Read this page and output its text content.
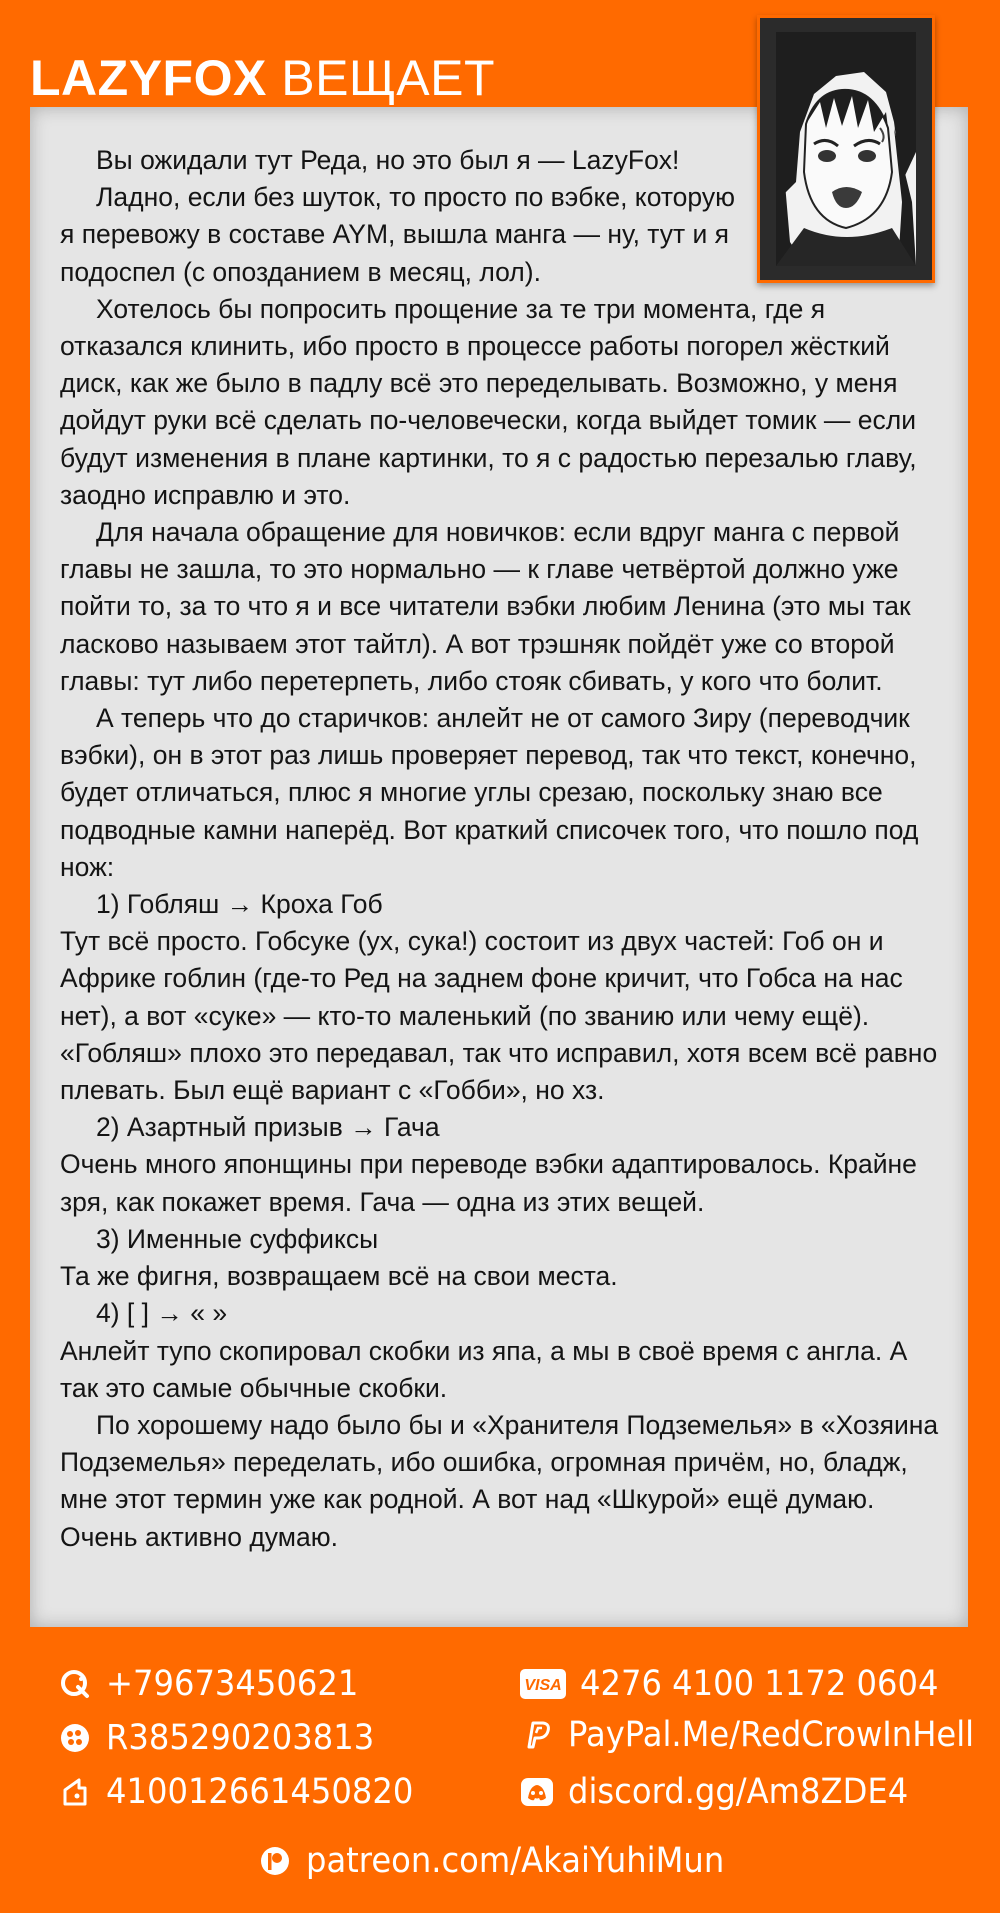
LAZYFOX ВЕЩАЕТ

Вы ожидали тут Реда, но это был я — LazyFox!

Ладно, если без шуток, то просто по вэбке, которую я перевожу в составе AYM, вышла манга — ну, тут и я подоспел (с опозданием в месяц, лол).

Хотелось бы попросить прощение за те три момента, где я отказался клинить, ибо просто в процессе работы погорел жёсткий диск, как же было в падлу всё это переделывать. Возможно, у меня дойдут руки всё сделать по-человечески, когда выйдет томик — если будут изменения в плане картинки, то я с радостью перезалью главу, заодно исправлю и это.

Для начала обращение для новичков: если вдруг манга с первой главы не зашла, то это нормально — к главе четвёртой должно уже пойти то, за то что я и все читатели вэбки любим Ленина (это мы так ласково называем этот тайтл). А вот трэшняк пойдёт уже со второй главы: тут либо перетерпеть, либо стояк сбивать, у кого что болит.

А теперь что до старичков: анлейт не от самого Зиру (переводчик вэбки), он в этот раз лишь проверяет перевод, так что текст, конечно, будет отличаться, плюс я многие углы срезаю, поскольку знаю все подводные камни наперёд. Вот краткий списочек того, что пошло под нож:

1) Гобляш → Кроха Гоб

Тут всё просто. Гобсуке (ух, сука!) состоит из двух частей: Гоб он и Африке гоблин (где-то Ред на заднем фоне кричит, что Гобса на нас нет), а вот «суке» — кто-то маленький (по званию или чему ещё). «Гобляш» плохо это передавал, так что исправил, хотя всем всё равно плевать. Был ещё вариант с «Гобби», но хз.

2) Азартный призыв → Гача

Очень много японщины при переводе вэбки адаптировалось. Крайне зря, как покажет время. Гача — одна из этих вещей.

3) Именные суффиксы

Та же фигня, возвращаем всё на свои места.

4) [ ] → « »

Анлейт тупо скопировал скобки из япа, а мы в своё время с англа. А так это самые обычные скобки.

По хорошему надо было бы и «Хранителя Подземелья» в «Хозяина Подземелья» переделать, ибо ошибка, огромная причём, но, бладж, мне этот термин уже как родной. А вот над «Шкурой» ещё думаю. Очень активно думаю.

+79673450621	VISA 4276 4100 1172 0604
R385290203813	PayPal.Me/RedCrowInHell
410012661450820	discord.gg/Am8ZDE4
patreon.com/AkaiYuhiMun
